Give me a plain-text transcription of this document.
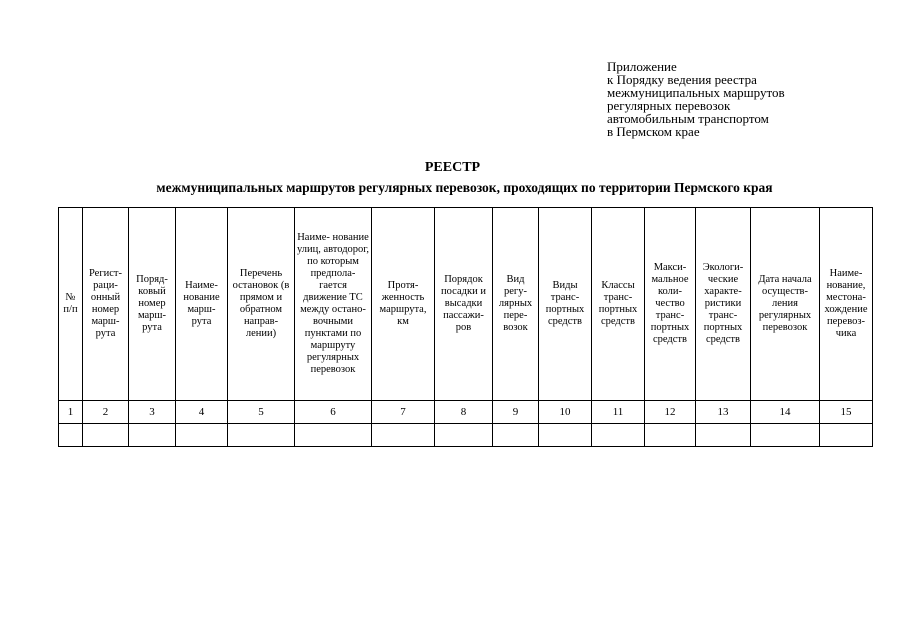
Приложение
к Порядку ведения реестра
межмуниципальных маршрутов
регулярных перевозок
автомобильным транспортом
в Пермском крае
РЕЕСТР
межмуниципальных маршрутов регулярных перевозок, проходящих по территории Пермского края
№ п/п	Регист- раци- онный номер марш- рута	Поряд- ковый номер марш- рута	Наиме- нование марш- рута	Перечень остановок (в прямом и обратном направ- лении)	Наиме- нование улиц, автодорог, по которым предпола- гается движение ТС между остано- вочными пунктами по маршруту регулярных перевозок	Протя- женность маршрута, км	Порядок посадки и высадки пассажи- ров	Вид регу- лярных пере- возок	Виды транс- портных средств	Классы транс- портных средств	Макси- мальное коли- чество транс- портных средств	Экологи- ческие характе- ристики транс- портных средств	Дата начала осуществ- ления регулярных перевозок	Наиме- нование, местона- хождение перевоз- чика

1	2	3	4	5	6	7	8	9	10	11	12	13	14	15
